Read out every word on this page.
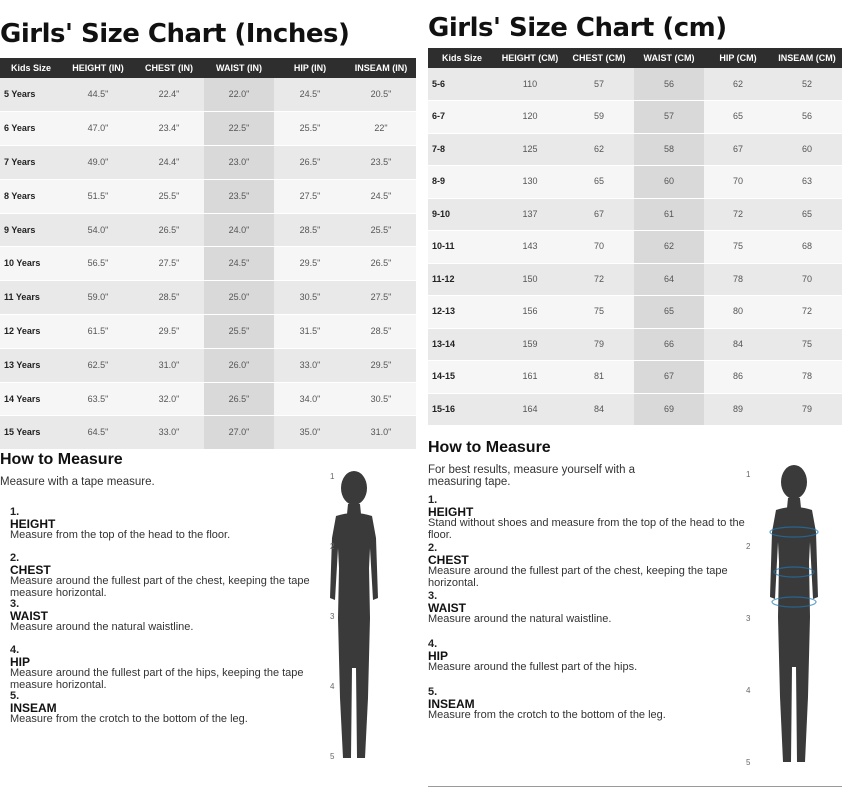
Girls' Size Chart (Inches)
Kids Size	HEIGHT (IN)	CHEST (IN)	WAIST (IN)	HIP (IN)	INSEAM (IN)
5 Years	44.5"	22.4"	22.0"	24.5"	20.5"
6 Years	47.0"	23.4"	22.5"	25.5"	22"
7 Years	49.0"	24.4"	23.0"	26.5"	23.5"
8 Years	51.5"	25.5"	23.5"	27.5"	24.5"
9 Years	54.0"	26.5"	24.0"	28.5"	25.5"
10 Years	56.5"	27.5"	24.5"	29.5"	26.5"
11 Years	59.0"	28.5"	25.0"	30.5"	27.5"
12 Years	61.5"	29.5"	25.5"	31.5"	28.5"
13 Years	62.5"	31.0"	26.0"	33.0"	29.5"
14 Years	63.5"	32.0"	26.5"	34.0"	30.5"
15 Years	64.5"	33.0"	27.0"	35.0"	31.0"
How to Measure
Measure with a tape measure.
1.
HEIGHT
Measure from the top of the head to the floor.
2.
CHEST
Measure around the fullest part of the chest, keeping the tape measure horizontal.
3.
WAIST
Measure around the natural waistline.
4.
HIP
Measure around the fullest part of the hips, keeping the tape measure horizontal.
5.
INSEAM
Measure from the crotch to the bottom of the leg.
1
2
3
4
5
Girls' Size Chart (cm)
Kids Size	HEIGHT (CM)	CHEST (CM)	WAIST (CM)	HIP (CM)	INSEAM (CM)
5-6	110	57	56	62	52
6-7	120	59	57	65	56
7-8	125	62	58	67	60
8-9	130	65	60	70	63
9-10	137	67	61	72	65
10-11	143	70	62	75	68
11-12	150	72	64	78	70
12-13	156	75	65	80	72
13-14	159	79	66	84	75
14-15	161	81	67	86	78
15-16	164	84	69	89	79
How to Measure
For best results, measure yourself with a measuring tape.
1.
HEIGHT
Stand without shoes and measure from the top of the head to the floor.
2.
CHEST
Measure around the fullest part of the chest, keeping the tape horizontal.
3.
WAIST
Measure around the natural waistline.
4.
HIP
Measure around the fullest part of the hips.
5.
INSEAM
Measure from the crotch to the bottom of the leg.
1
2
3
4
5
